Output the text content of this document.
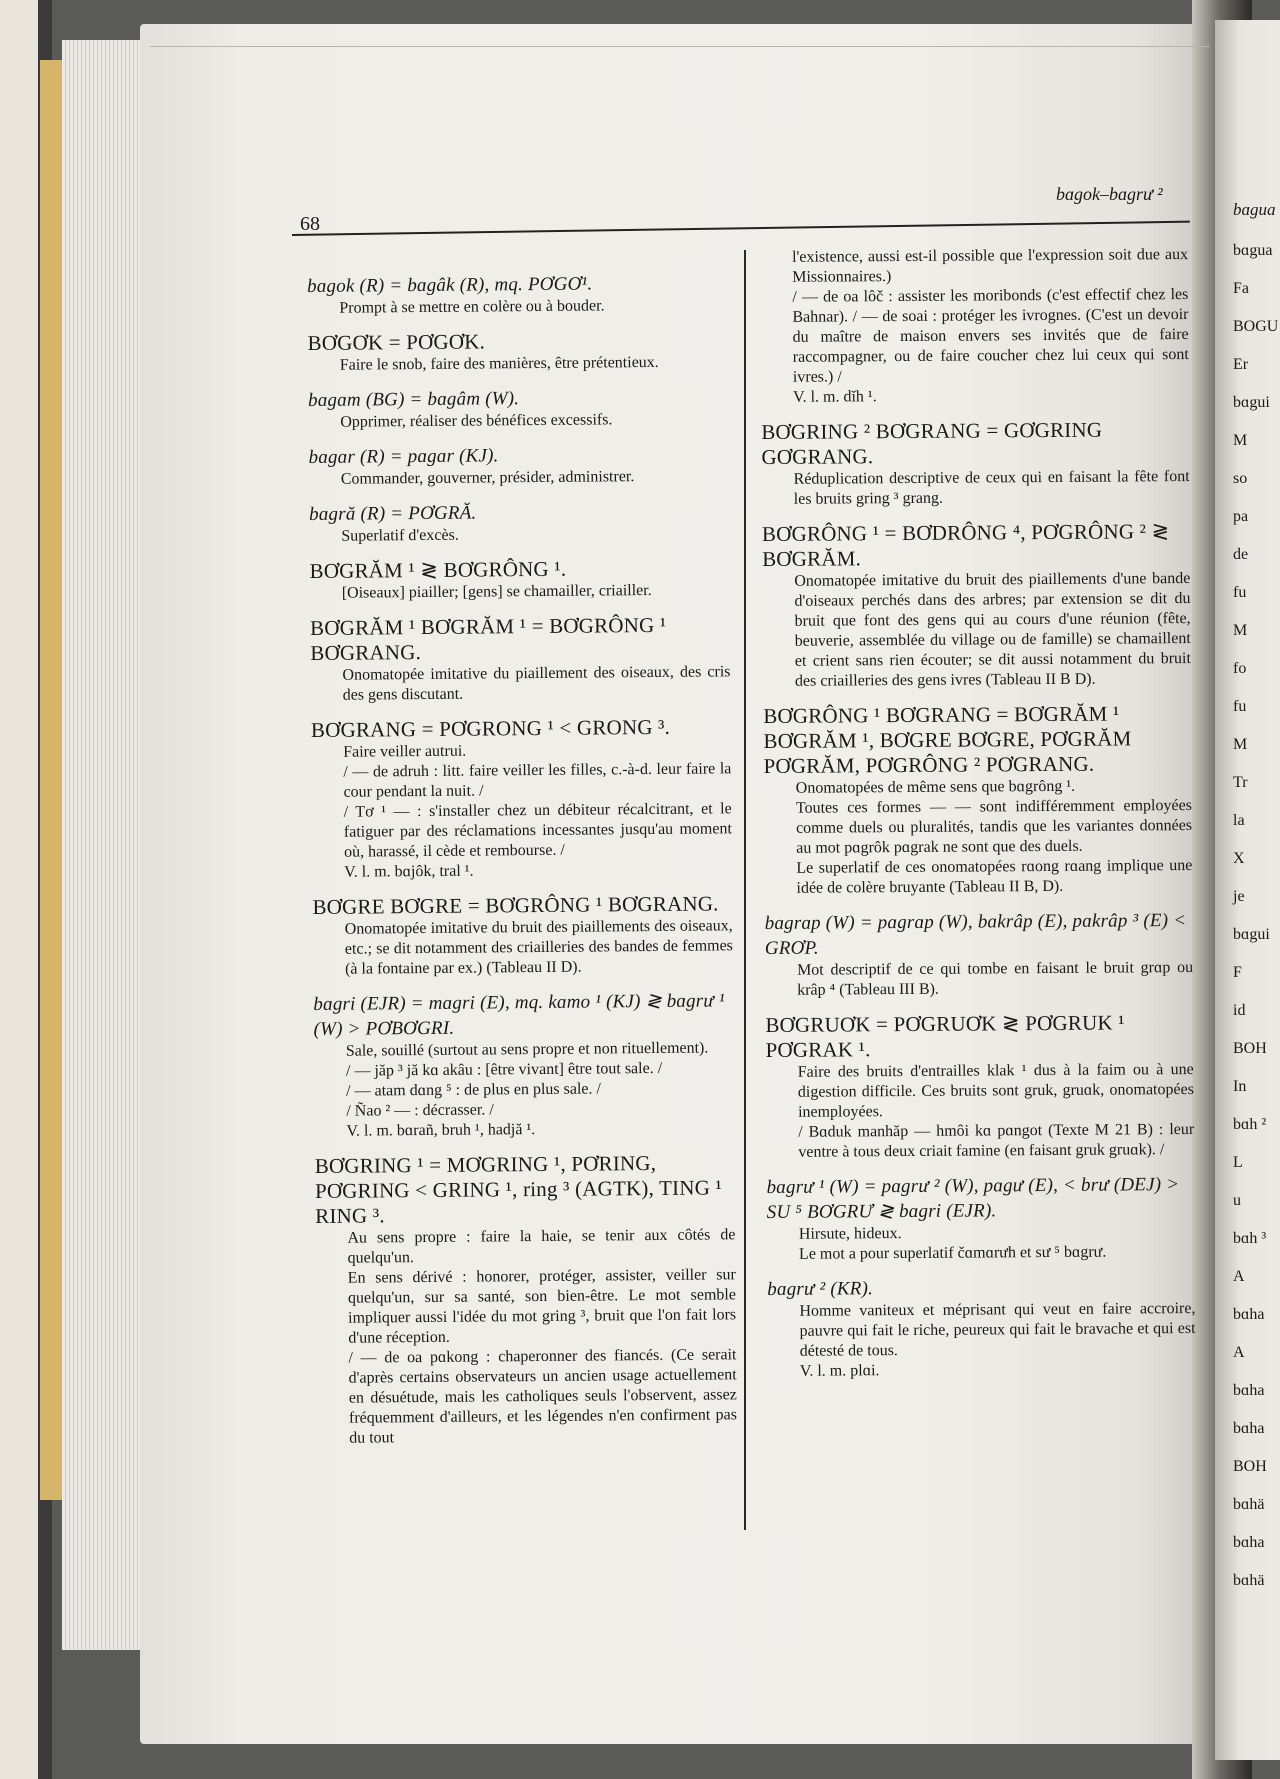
bɑgua
bɑgua
Fa
BOGU
Er
bɑgui
M
so
pa
de
fu
M
fo
fu
M
Tr
la
X
je
bɑgui
F
id
BOH
In
bɑh ²
L
u
bɑh ³
A
bɑha
A
bɑha
bɑha
BOH
bɑhä
bɑha
bɑhä
bɑgok–bɑgrư ²
68
bɑgok (R) = bɑgâk (R), mq. PƠGƠ¹.
Prompt à se mettre en colère ou à bouder.
BƠGƠK = PƠGƠK.
Faire le snob, faire des manières, être prétentieux.
bɑgɑm (BG) = bɑgâm (W).
Opprimer, réaliser des bénéfices excessifs.
bɑgɑr (R) = pɑgɑr (KJ).
Commander, gouverner, présider, administrer.
bɑgră (R) = PƠGRĂ.
Superlatif d'excès.
BƠGRĂM ¹ ≷ BƠGRÔNG ¹.
[Oiseaux] piailler; [gens] se chamailler, criailler.
BƠGRĂM ¹ BƠGRĂM ¹ = BƠGRÔNG ¹ BƠGRANG.
Onomatopée imitative du piaillement des oiseaux, des cris des gens discutant.
BƠGRANG = PƠGRONG ¹ < GRONG ³.
Faire veiller autrui.
/ — de adruh : litt. faire veiller les filles, c.-à-d. leur faire la cour pendant la nuit. /
/ Tơ ¹ — : s'installer chez un débiteur récalcitrant, et le fatiguer par des réclamations incessantes jusqu'au moment où, harassé, il cède et rembourse. /
V. l. m. bɑjôk, tral ¹.
BƠGRE BƠGRE = BƠGRÔNG ¹ BƠGRANG.
Onomatopée imitative du bruit des piaillements des oiseaux, etc.; se dit notamment des criailleries des bandes de femmes (à la fontaine par ex.) (Tableau II D).
bɑgri (EJR) = mɑgri (E), mq. kɑmo ¹ (KJ) ≷ bɑgrư ¹ (W) > PƠBƠGRI.
Sale, souillé (surtout au sens propre et non rituellement).
/ — jăp ³ jă kɑ akâu : [être vivant] être tout sale. /
/ — atam dɑng ⁵ : de plus en plus sale. /
/ Ñao ² — : décrasser. /
V. l. m. bɑrañ, bruh ¹, hadjă ¹.
BƠGRING ¹ = MƠGRING ¹, PƠRING, PƠGRING < GRING ¹, ring ³ (AGTK), TING ¹ RING ³.
Au sens propre : faire la haie, se tenir aux côtés de quelqu'un.
En sens dérivé : honorer, protéger, assister, veiller sur quelqu'un, sur sa santé, son bien-être. Le mot semble impliquer aussi l'idée du mot gring ³, bruit que l'on fait lors d'une réception.
/ — de oa pɑkong : chaperonner des fiancés. (Ce serait d'après certains observateurs un ancien usage actuellement en désuétude, mais les catholiques seuls l'observent, assez fréquemment d'ailleurs, et les légendes n'en confirment pas du tout
l'existence, aussi est-il possible que l'expression soit due aux Missionnaires.)
/ — de oa lôč : assister les moribonds (c'est effectif chez les Bahnar). / — de soai : protéger les ivrognes. (C'est un devoir du maître de maison envers ses invités que de faire raccompagner, ou de faire coucher chez lui ceux qui sont ivres.) /
V. l. m. dĭh ¹.
BƠGRING ² BƠGRANG = GƠGRING GƠGRANG.
Réduplication descriptive de ceux qui en faisant la fête font les bruits gring ³ grang.
BƠGRÔNG ¹ = BƠDRÔNG ⁴, PƠGRÔNG ² ≷ BƠGRĂM.
Onomatopée imitative du bruit des piaillements d'une bande d'oiseaux perchés dans des arbres; par extension se dit du bruit que font des gens qui au cours d'une réunion (fête, beuverie, assemblée du village ou de famille) se chamaillent et crient sans rien écouter; se dit aussi notamment du bruit des criailleries des gens ivres (Tableau II B D).
BƠGRÔNG ¹ BƠGRANG = BƠGRĂM ¹ BƠGRĂM ¹, BƠGRE BƠGRE, PƠGRĂM PƠGRĂM, PƠGRÔNG ² PƠGRANG.
Onomatopées de même sens que bɑgrông ¹.
Toutes ces formes — — sont indifféremment employées comme duels ou pluralités, tandis que les variantes données au mot pɑgrôk pɑgrak ne sont que des duels.
Le superlatif de ces onomatopées rɑong rɑang implique une idée de colère bruyante (Tableau II B, D).
bɑgrɑp (W) = pɑgrɑp (W), bɑkrâp (E), pɑkrâp ³ (E) < GRƠP.
Mot descriptif de ce qui tombe en faisant le bruit grɑp ou krâp ⁴ (Tableau III B).
BƠGRUƠK = PƠGRUƠK ≷ PƠGRUK ¹ PƠGRAK ¹.
Faire des bruits d'entrailles klak ¹ dus à la faim ou à une digestion difficile. Ces bruits sont gruk, gruɑk, onomatopées inemployées.
/ Bɑduk manhăp — hmôi kɑ pɑngot (Texte M 21 B) : leur ventre à tous deux criait famine (en faisant gruk gruɑk). /
bɑgrư ¹ (W) = pɑgrư ² (W), pɑgư (E), < brư (DEJ) > SU ⁵ BƠGRƯ ≷ bɑgri (EJR).
Hirsute, hideux.
Le mot a pour superlatif čɑmɑrưh et sư ⁵ bɑgrư.
bɑgrư ² (KR).
Homme vaniteux et méprisant qui veut en faire accroire, pauvre qui fait le riche, peureux qui fait le bravache et qui est détesté de tous.
V. l. m. plɑi.
